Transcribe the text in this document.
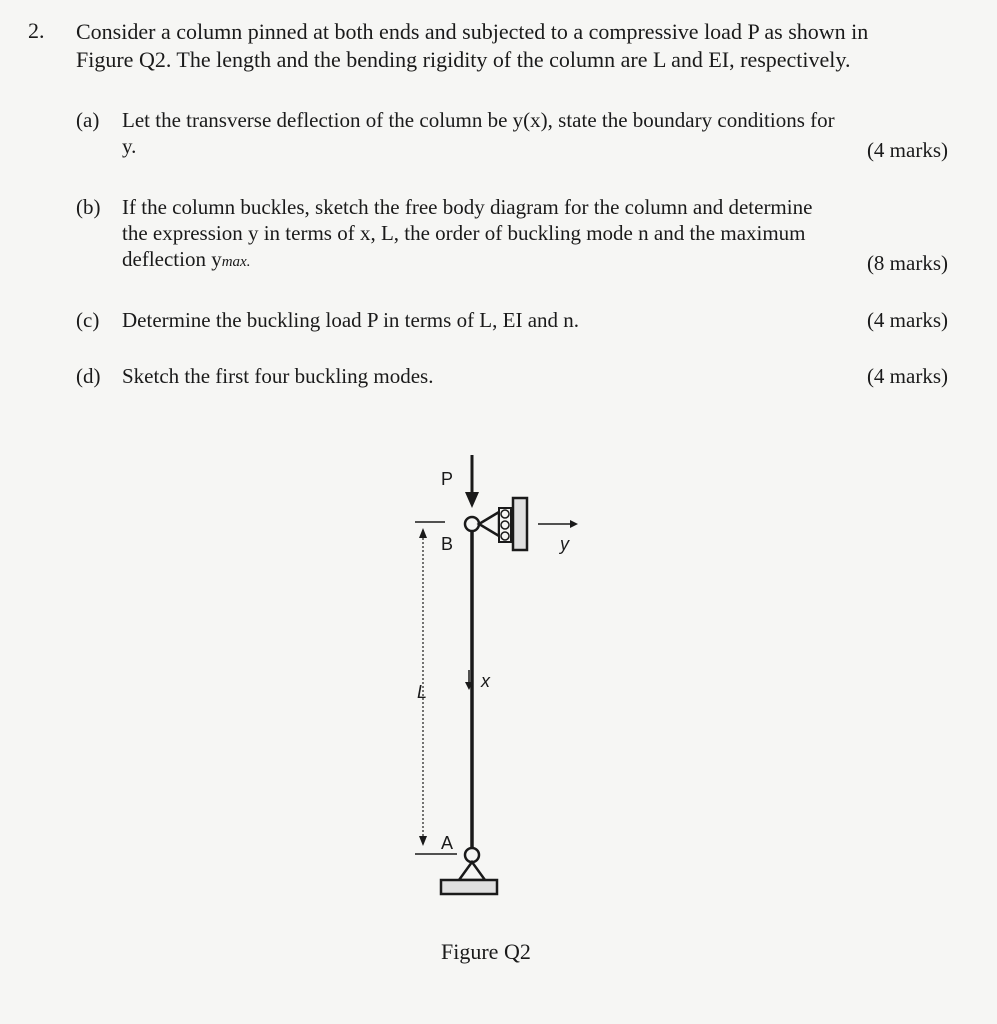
2. Consider a column pinned at both ends and subjected to a compressive load P as shown in
Figure Q2. The length and the bending rigidity of the column are L and EI, respectively.
(a) Let the transverse deflection of the column be y(x), state the boundary conditions for
y.	(4 marks)
(b) If the column buckles, sketch the free body diagram for the column and determine
the expression y in terms of x, L, the order of buckling mode n and the maximum
deflection ymax.	(8 marks)
(c) Determine the buckling load P in terms of L, EI and n.	(4 marks)
(d) Sketch the first four buckling modes.	(4 marks)
P
B	y
L
x
A
Figure Q2
